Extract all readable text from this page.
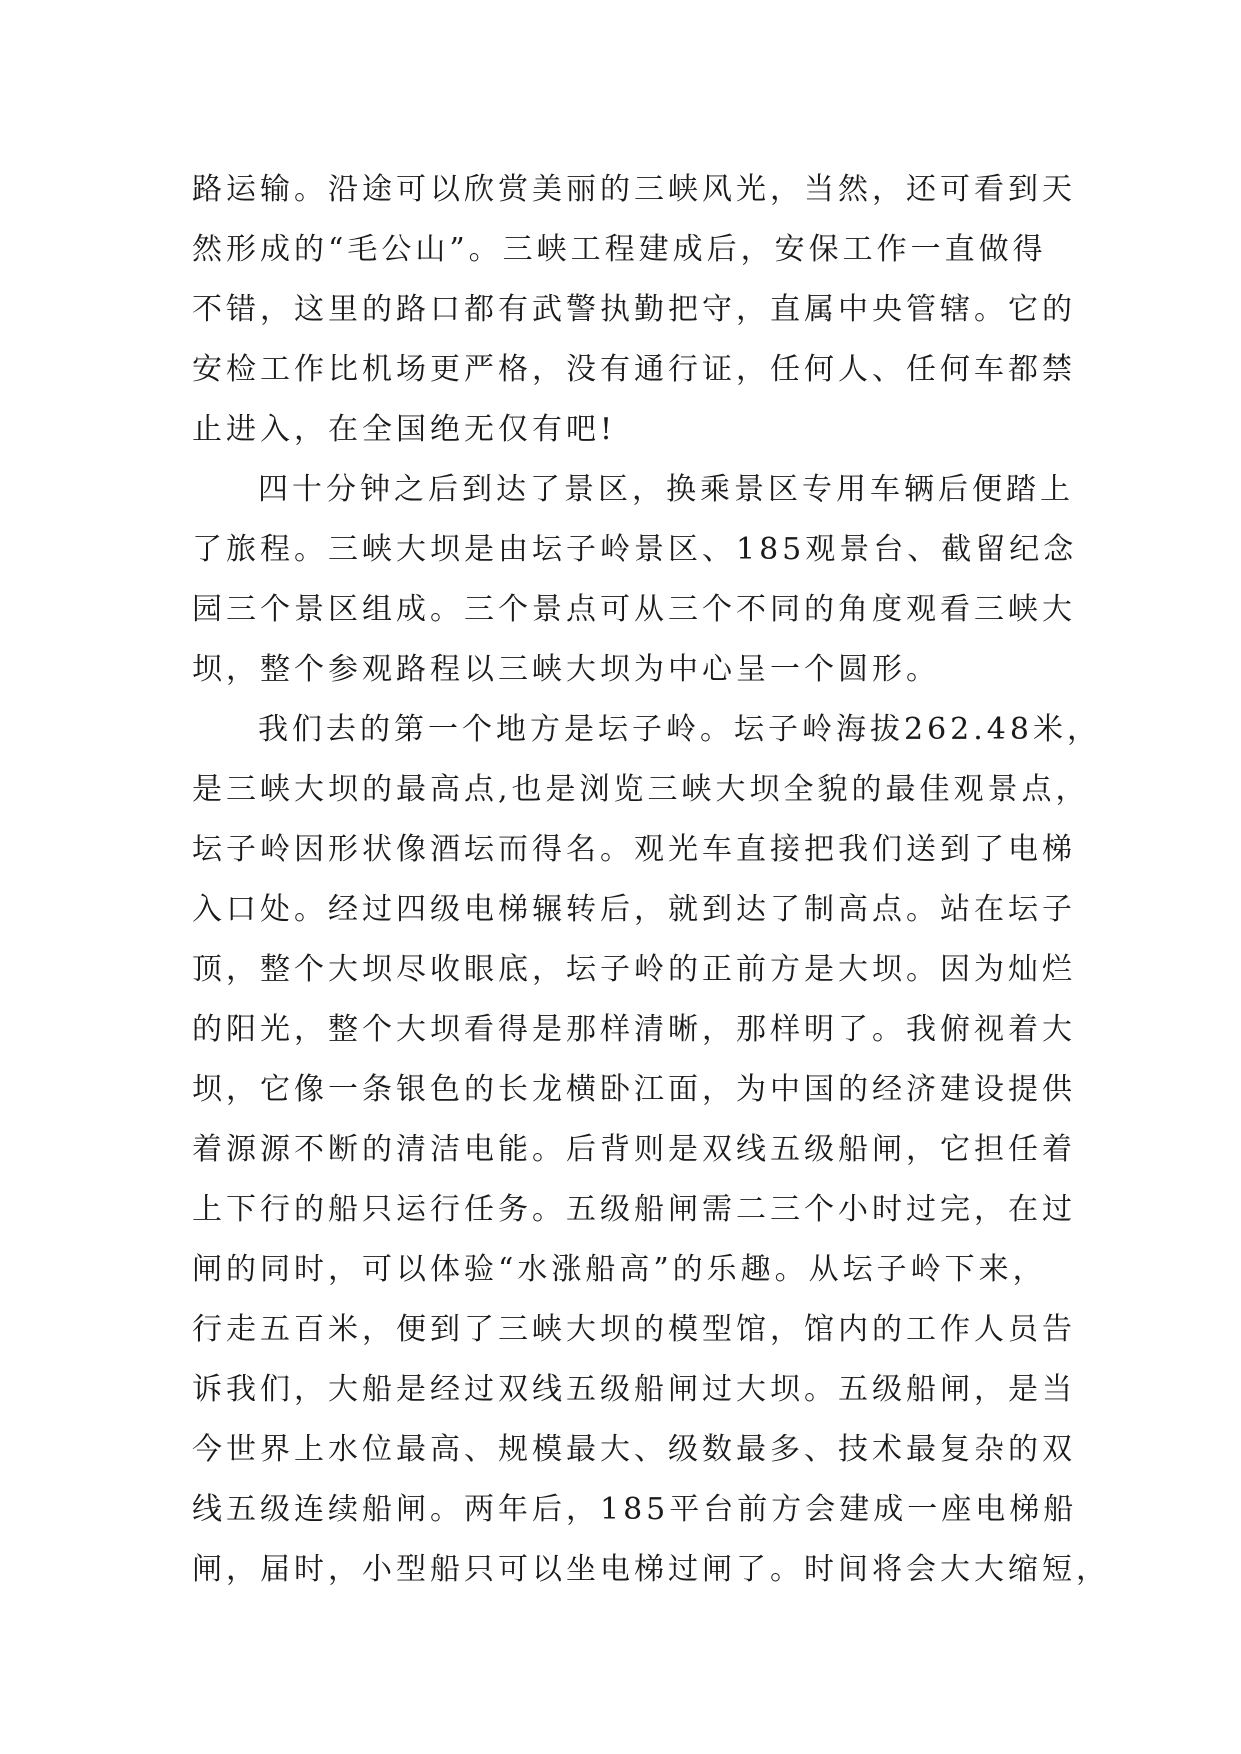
路运输。沿途可以欣赏美丽的三峡风光，当然，还可看到天
然形成的“毛公山”。三峡工程建成后，安保工作一直做得
不错，这里的路口都有武警执勤把守，直属中央管辖。它的
安检工作比机场更严格，没有通行证，任何人、任何车都禁
止进入，在全国绝无仅有吧!
四十分钟之后到达了景区，换乘景区专用车辆后便踏上
了旅程。三峡大坝是由坛子岭景区、185观景台、截留纪念
园三个景区组成。三个景点可从三个不同的角度观看三峡大
坝，整个参观路程以三峡大坝为中心呈一个圆形。
我们去的第一个地方是坛子岭。坛子岭海拔262.48米，
是三峡大坝的最高点,也是浏览三峡大坝全貌的最佳观景点，
坛子岭因形状像酒坛而得名。观光车直接把我们送到了电梯
入口处。经过四级电梯辗转后，就到达了制高点。站在坛子
顶，整个大坝尽收眼底，坛子岭的正前方是大坝。因为灿烂
的阳光，整个大坝看得是那样清晰，那样明了。我俯视着大
坝，它像一条银色的长龙横卧江面，为中国的经济建设提供
着源源不断的清洁电能。后背则是双线五级船闸，它担任着
上下行的船只运行任务。五级船闸需二三个小时过完，在过
闸的同时，可以体验“水涨船高”的乐趣。从坛子岭下来，
行走五百米，便到了三峡大坝的模型馆，馆内的工作人员告
诉我们，大船是经过双线五级船闸过大坝。五级船闸，是当
今世界上水位最高、规模最大、级数最多、技术最复杂的双
线五级连续船闸。两年后，185平台前方会建成一座电梯船
闸，届时，小型船只可以坐电梯过闸了。时间将会大大缩短，
